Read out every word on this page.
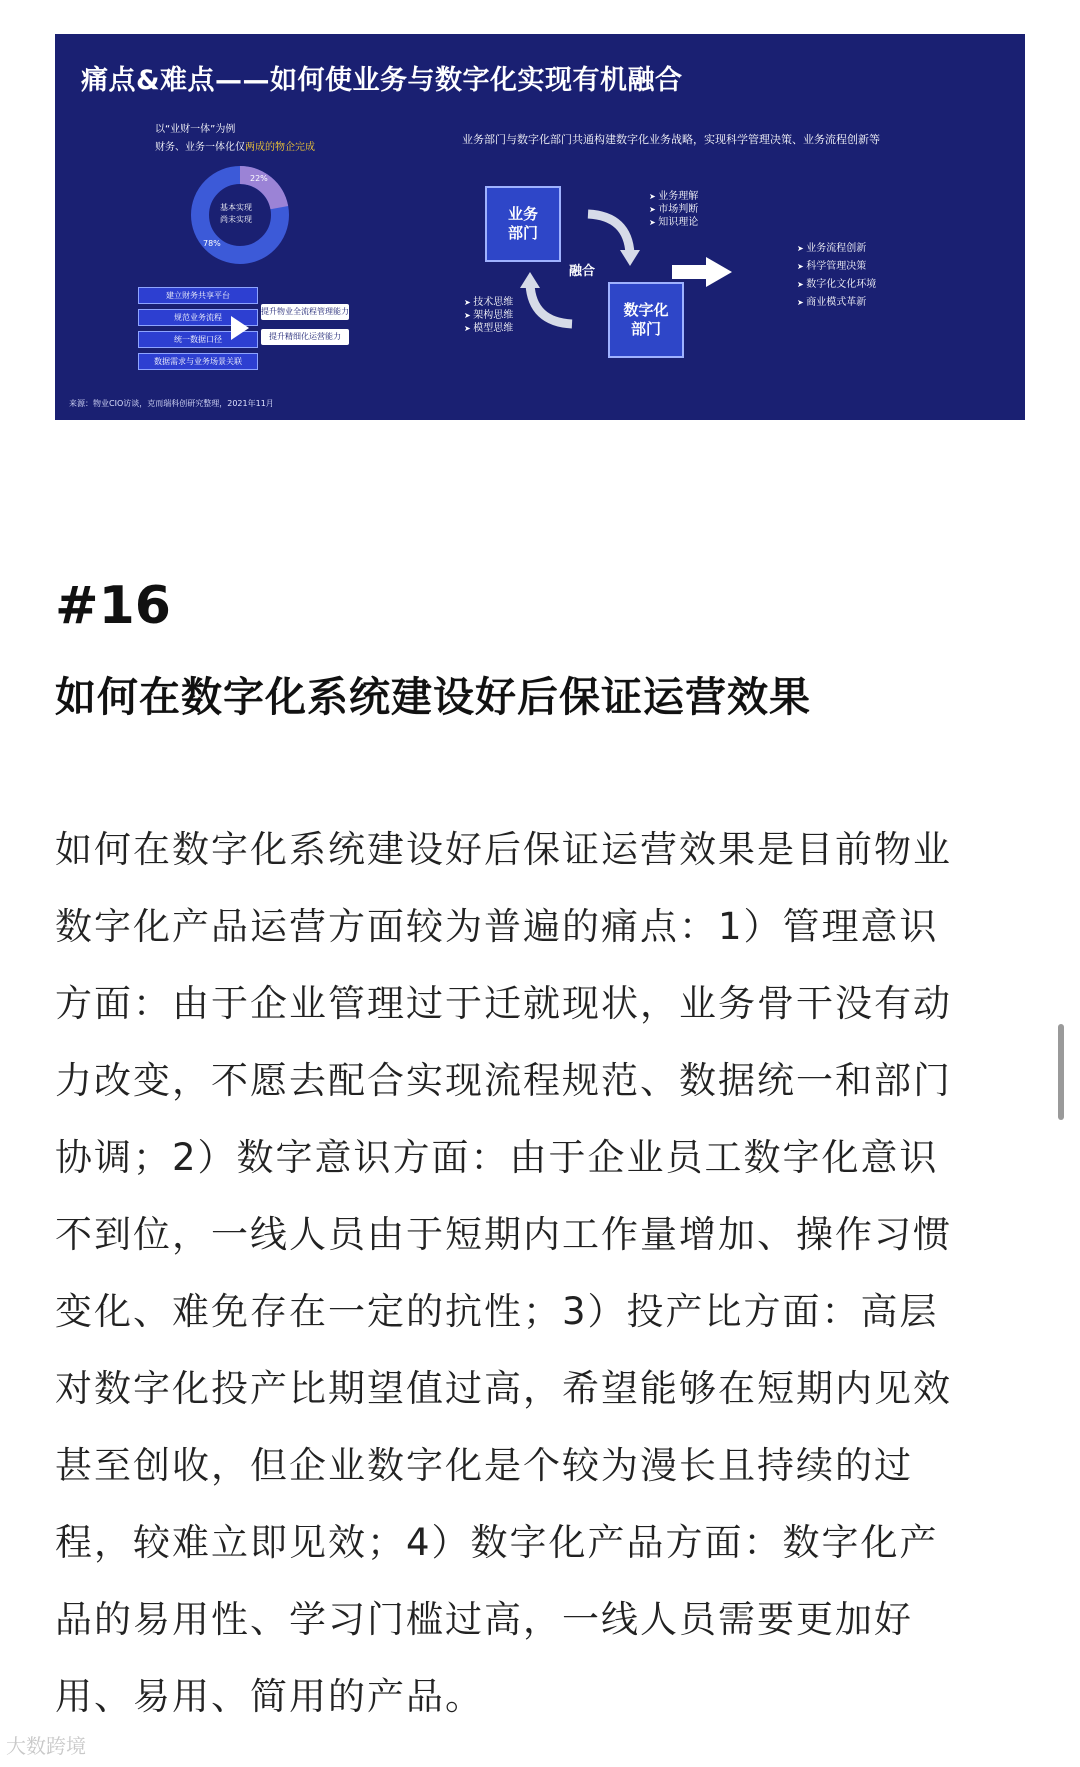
痛点&难点——如何使业务与数字化实现有机融合
以“业财一体”为例
财务、业务一体化仅两成的物企完成
22%
78%
基本实现
尚未实现
建立财务共享平台
规范业务流程
统一数据口径
数据需求与业务场景关联
提升物业全流程管理能力
提升精细化运营能力
业务部门与数字化部门共通构建数字化业务战略，实现科学管理决策、业务流程创新等
业务
部门
数字化
部门
融合
➤ 业务理解
➤ 市场判断
➤ 知识理论
➤ 技术思维
➤ 架构思维
➤ 模型思维
➤ 业务流程创新
➤ 科学管理决策
➤ 数字化文化环境
➤ 商业模式革新
来源：物业CIO访谈，克而瑞科创研究整理，2021年11月
#16
如何在数字化系统建设好后保证运营效果
如何在数字化系统建设好后保证运营效果是目前物业
数字化产品运营方面较为普遍的痛点：1）管理意识
方面：由于企业管理过于迁就现状，业务骨干没有动
力改变，不愿去配合实现流程规范、数据统一和部门
协调；2）数字意识方面：由于企业员工数字化意识
不到位，一线人员由于短期内工作量增加、操作习惯
变化、难免存在一定的抗性；3）投产比方面：高层
对数字化投产比期望值过高，希望能够在短期内见效
甚至创收，但企业数字化是个较为漫长且持续的过
程，较难立即见效；4）数字化产品方面：数字化产
品的易用性、学习门槛过高，一线人员需要更加好
用、易用、简用的产品。
大数跨境
